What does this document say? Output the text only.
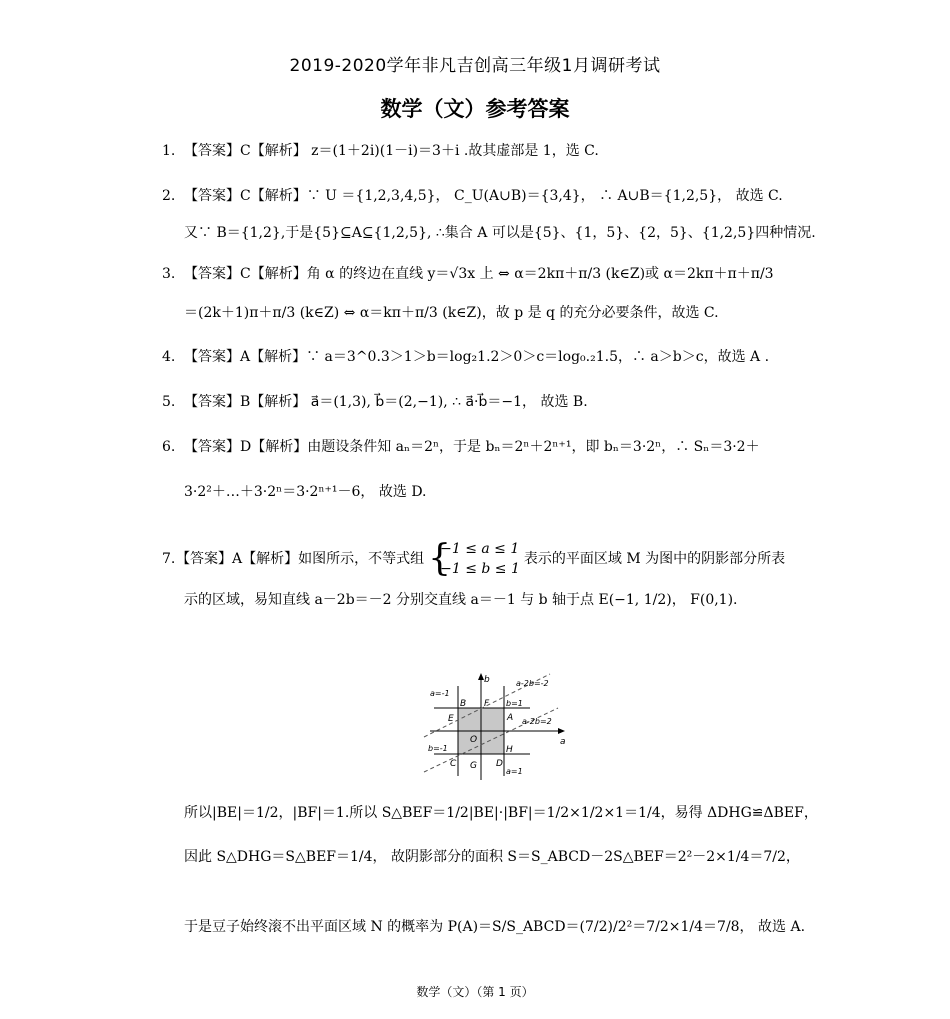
2019-2020学年非凡吉创高三年级1月调研考试
数学（文）参考答案
1. 【答案】C【解析】 z＝(1＋2i)(1－i)＝3＋i .故其虚部是 1，选 C.
2. 【答案】C【解析】∵ U ＝{1,2,3,4,5}， C_U(A∪B)＝{3,4}， ∴ A∪B＝{1,2,5}， 故选 C.
又∵ B＝{1,2},于是{5}⊆A⊆{1,2,5}, ∴集合 A 可以是{5}、{1，5}、{2，5}、{1,2,5}四种情况.
3. 【答案】C【解析】角 α 的终边在直线 y＝√3x 上 ⇔ α＝2kπ＋π/3 (k∈Z)或 α＝2kπ＋π＋π/3
＝(2k＋1)π＋π/3 (k∈Z) ⇔ α＝kπ＋π/3 (k∈Z)，故 p 是 q 的充分必要条件，故选 C.
4. 【答案】A【解析】∵ a＝3^0.3＞1＞b＝log₂1.2＞0＞c＝log₀.₂1.5，∴ a＞b＞c，故选 A .
5. 【答案】B【解析】 a⃗＝(1,3), b⃗＝(2,−1), ∴ a⃗·b⃗＝−1， 故选 B.
6. 【答案】D【解析】由题设条件知 aₙ＝2ⁿ，于是 bₙ＝2ⁿ＋2ⁿ⁺¹，即 bₙ＝3·2ⁿ，∴ Sₙ＝3·2＋
3·2²＋…＋3·2ⁿ＝3·2ⁿ⁺¹－6， 故选 D.
7.【答案】A【解析】如图所示，不等式组 {
−1 ≤ a ≤ 1
−1 ≤ b ≤ 1
表示的平面区域 M 为图中的阴影部分所表
示的区域，易知直线 a－2b＝－2 分别交直线 a＝－1 与 b 轴于点 E(−1, 1/2)， F(0,1).
b
a
O
A
B
C	D
E
F
G
H
a=-1
a=1
b=1
b=-1
a-2b=-2
a-2b=2
所以|BE|＝1/2，|BF|＝1.所以 S△BEF＝1/2|BE|·|BF|＝1/2×1/2×1＝1/4，易得 ΔDHG≌ΔBEF，
因此 S△DHG＝S△BEF＝1/4， 故阴影部分的面积 S＝S_ABCD－2S△BEF＝2²－2×1/4＝7/2，
于是豆子始终滚不出平面区域 N 的概率为 P(A)＝S/S_ABCD＝(7/2)/2²＝7/2×1/4＝7/8， 故选 A.
数学（文）（第 1 页）
